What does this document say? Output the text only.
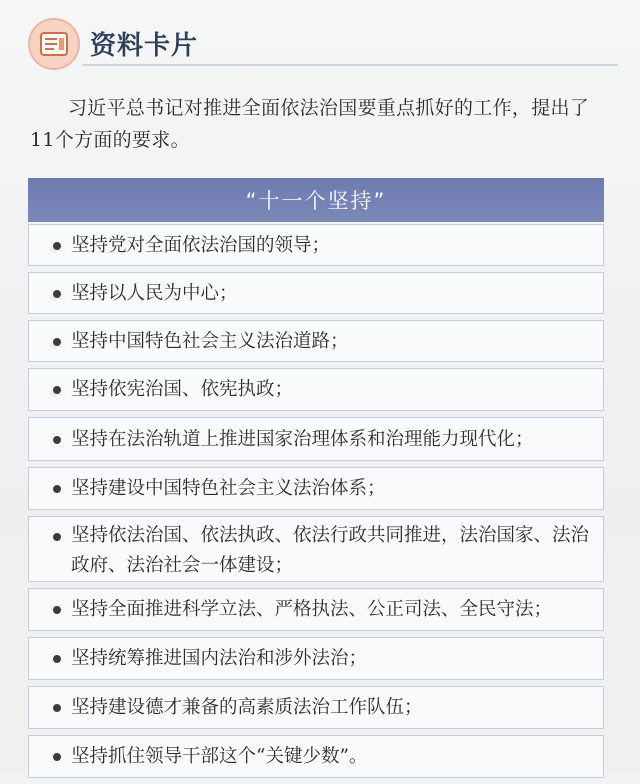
资料卡片
习近平总书记对推进全面依法治国要重点抓好的工作，提出了11个方面的要求。
“十一个坚持”
坚持党对全面依法治国的领导；
坚持以人民为中心；
坚持中国特色社会主义法治道路；
坚持依宪治国、依宪执政；
坚持在法治轨道上推进国家治理体系和治理能力现代化；
坚持建设中国特色社会主义法治体系；
坚持依法治国、依法执政、依法行政共同推进，法治国家、法治政府、法治社会一体建设；
坚持全面推进科学立法、严格执法、公正司法、全民守法；
坚持统筹推进国内法治和涉外法治；
坚持建设德才兼备的高素质法治工作队伍；
坚持抓住领导干部这个“关键少数”。
